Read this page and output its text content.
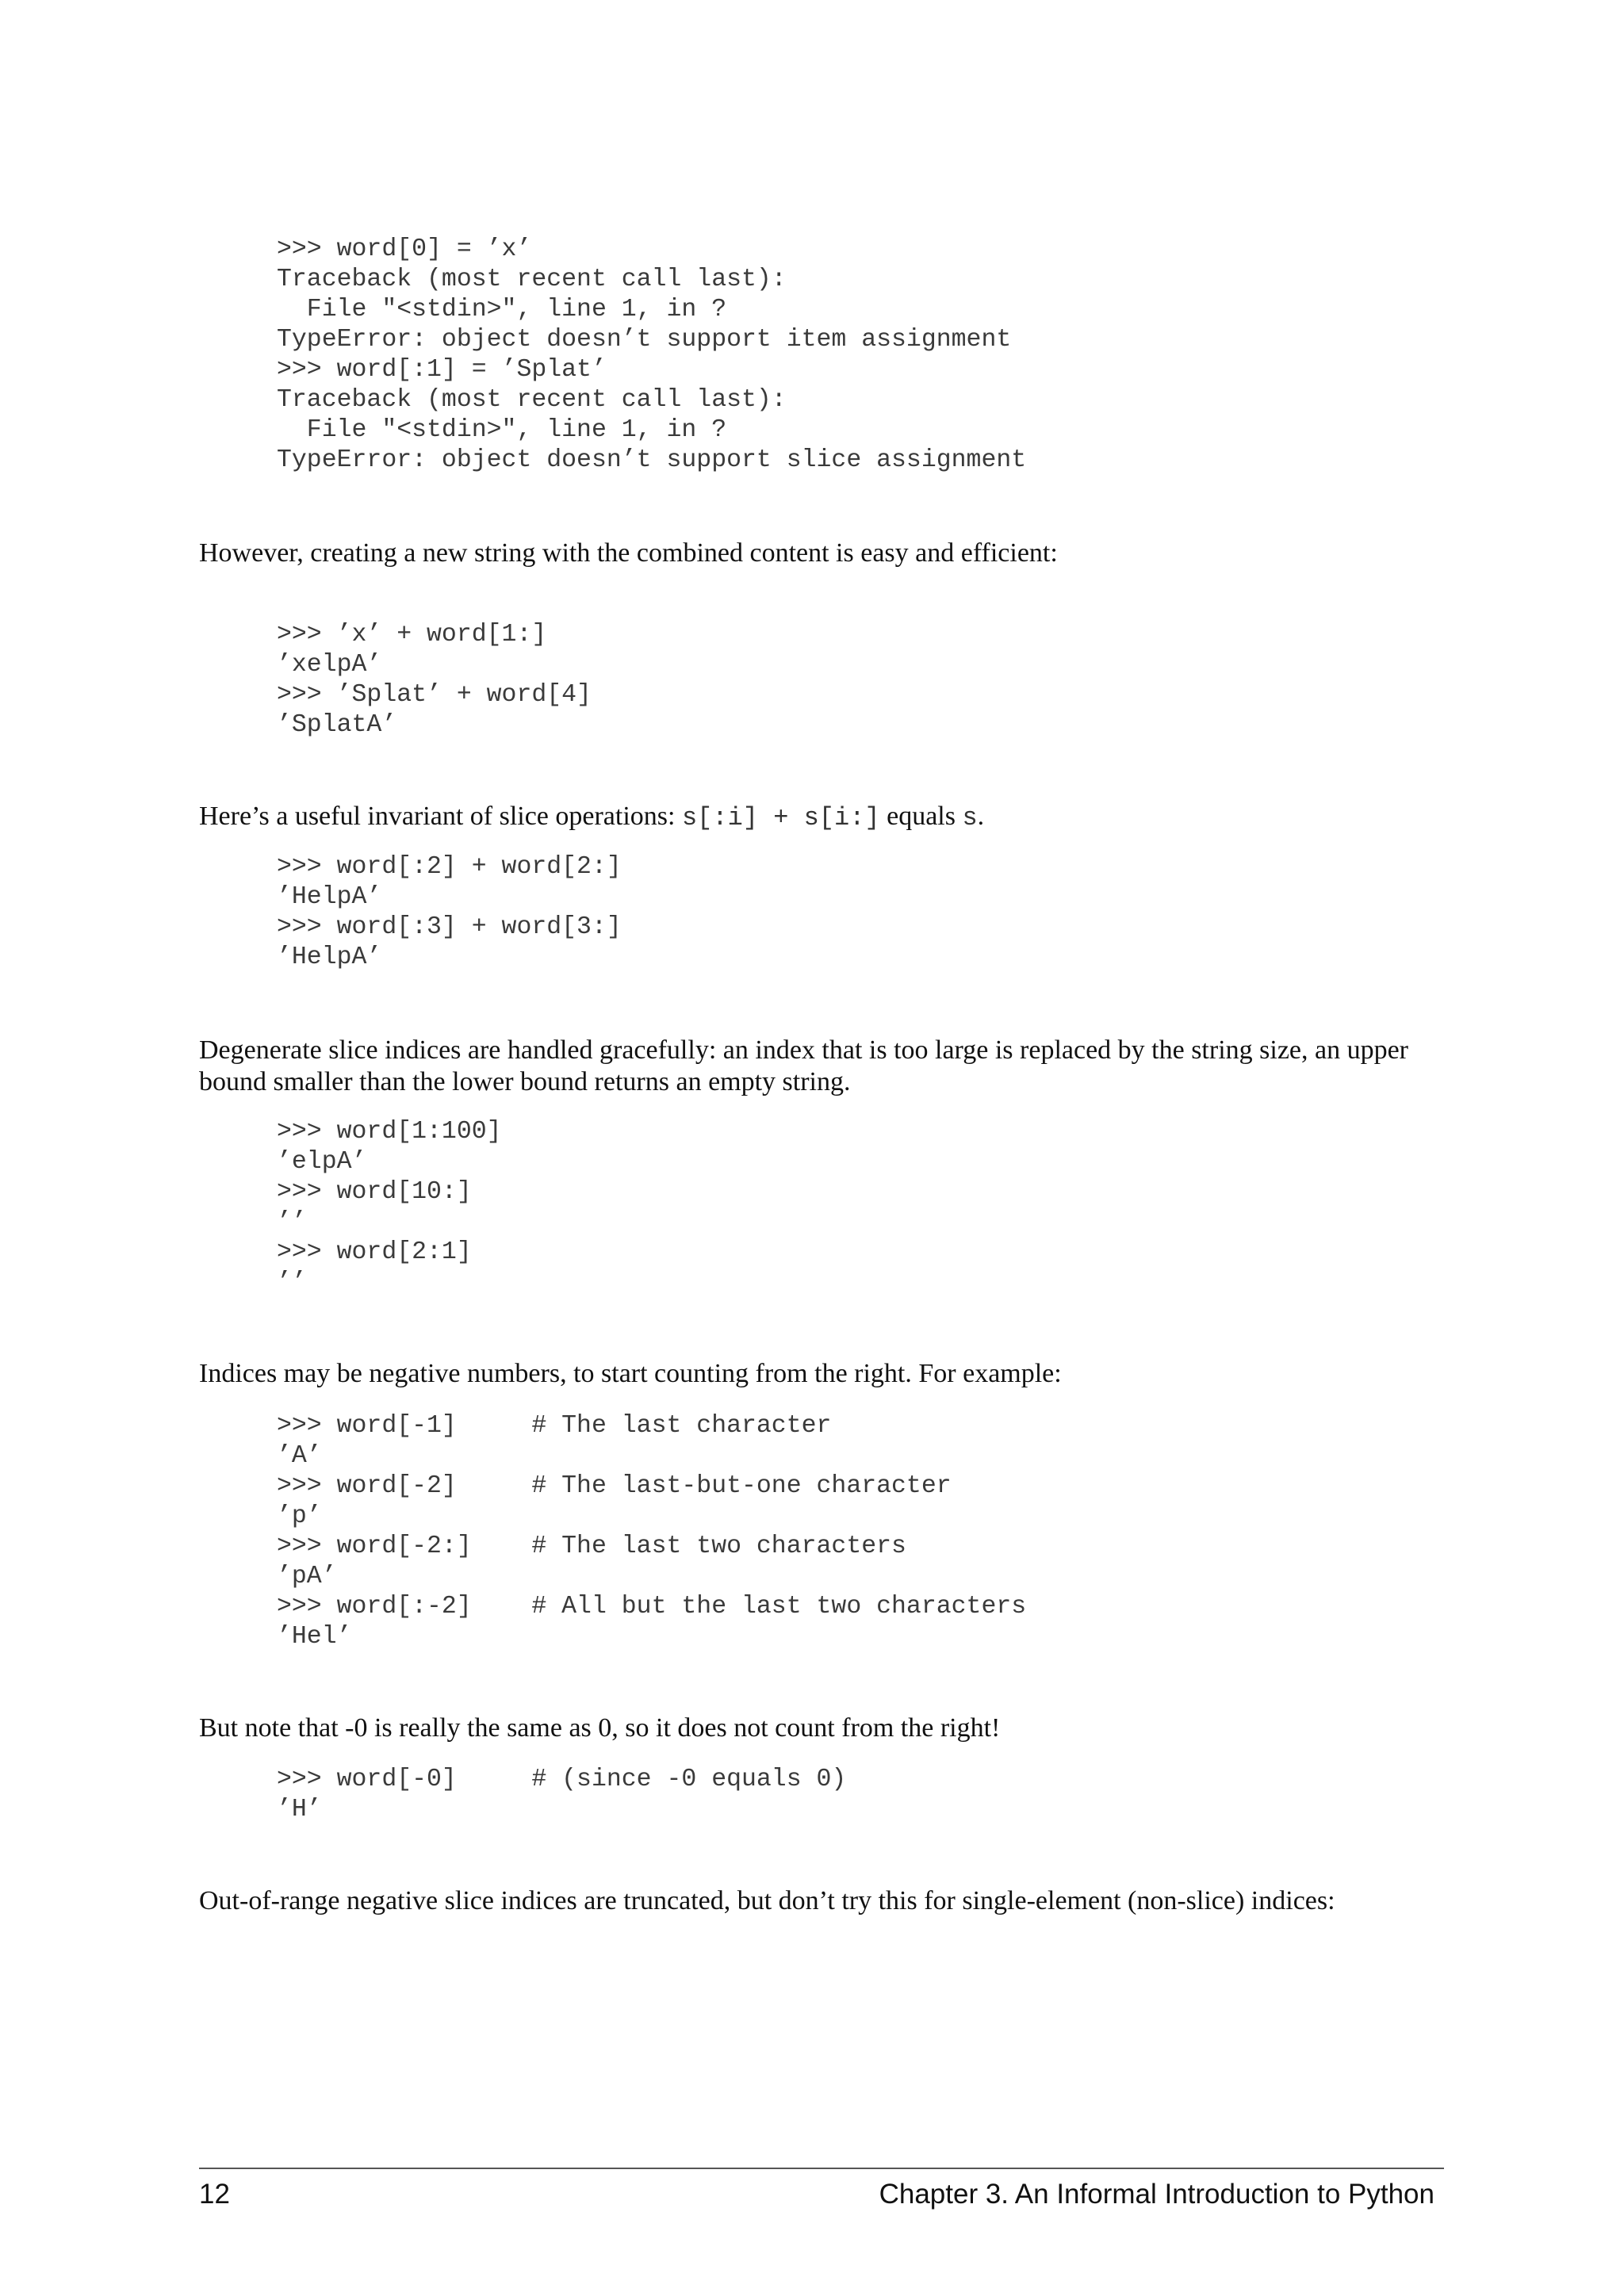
>>> word[0] = ’x’
Traceback (most recent call last):
File "<stdin>", line 1, in ?
TypeError: object doesn’t support item assignment
>>> word[:1] = ’Splat’
Traceback (most recent call last):
File "<stdin>", line 1, in ?
TypeError: object doesn’t support slice assignment

However, creating a new string with the combined content is easy and efficient:

>>> ’x’ + word[1:]
’xelpA’
>>> ’Splat’ + word[4]
’SplatA’

Here’s a useful invariant of slice operations: s[:i] + s[i:] equals s.

>>> word[:2] + word[2:]
’HelpA’
>>> word[:3] + word[3:]
’HelpA’

Degenerate slice indices are handled gracefully: an index that is too large is replaced by the string size, an upper bound smaller than the lower bound returns an empty string.

>>> word[1:100]
’elpA’
>>> word[10:]
’’
>>> word[2:1]
’’

Indices may be negative numbers, to start counting from the right. For example:

>>> word[-1]     # The last character
’A’
>>> word[-2]     # The last-but-one character
’p’
>>> word[-2:]    # The last two characters
’pA’
>>> word[:-2]    # All but the last two characters
’Hel’

But note that -0 is really the same as 0, so it does not count from the right!

>>> word[-0]     # (since -0 equals 0)
’H’

Out-of-range negative slice indices are truncated, but don’t try this for single-element (non-slice) indices:

12	Chapter 3. An Informal Introduction to Python
